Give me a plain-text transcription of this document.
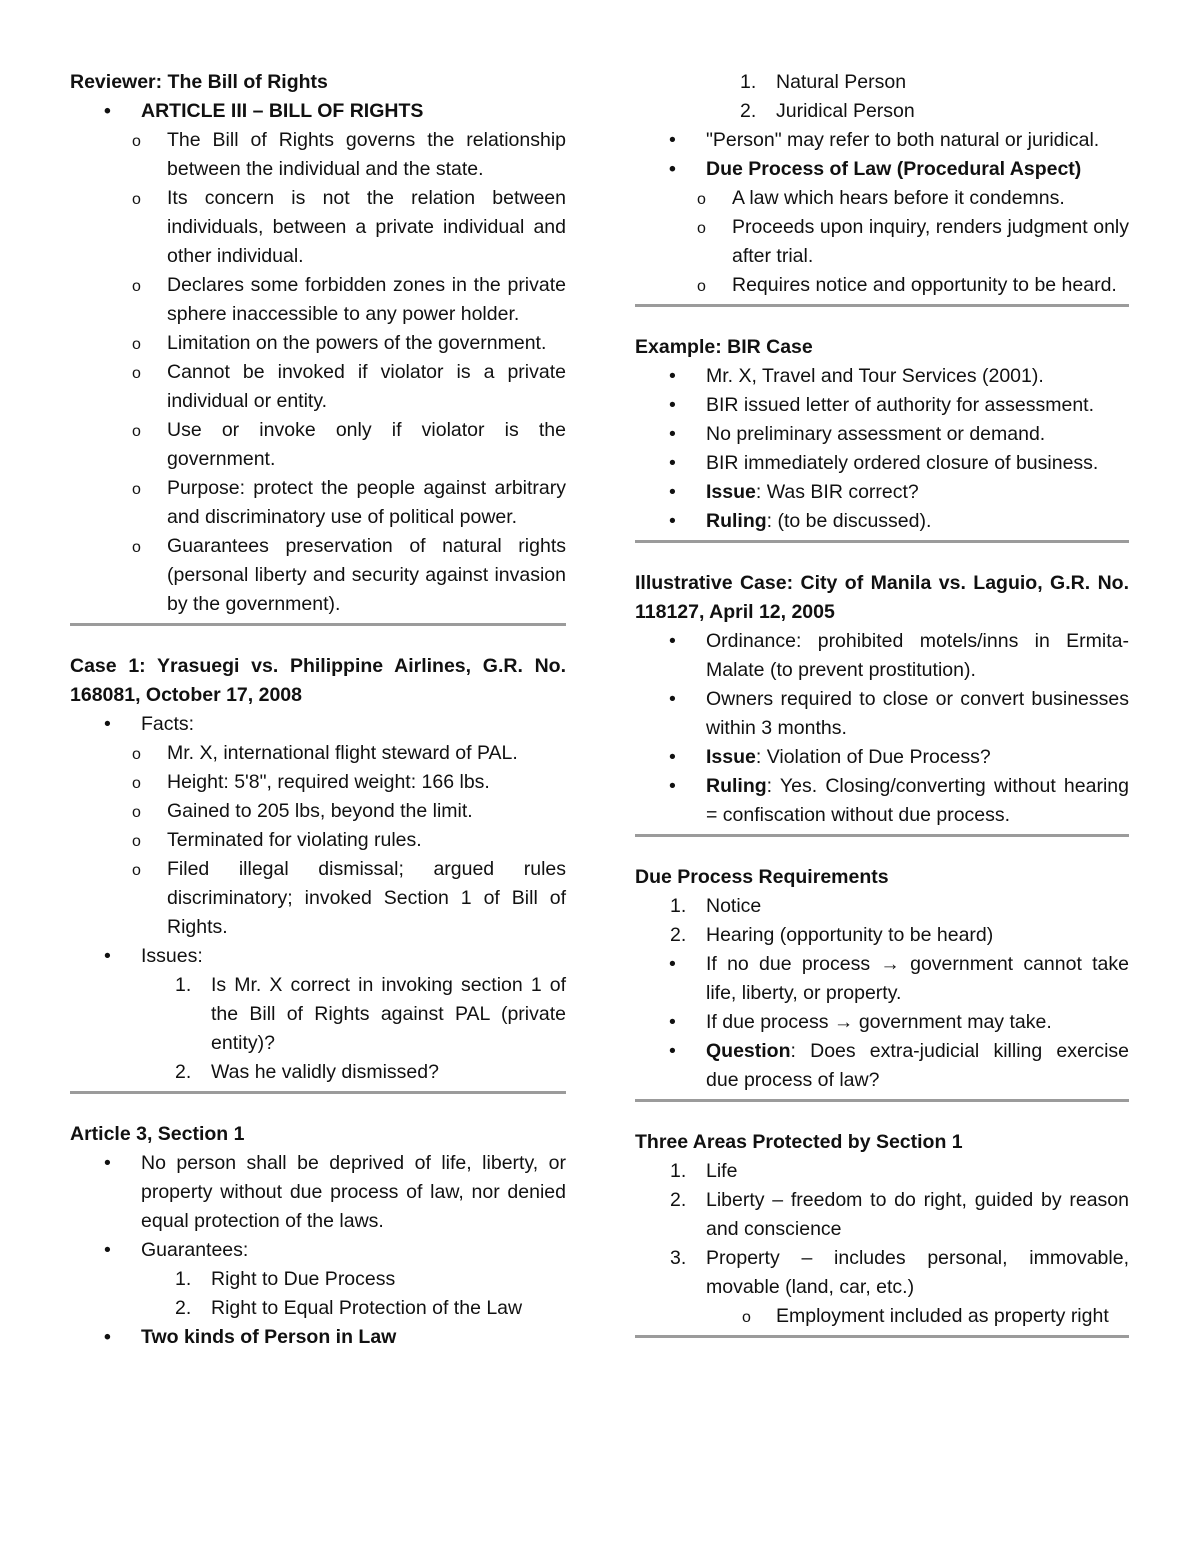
Reviewer: The Bill of Rights
• ARTICLE III – BILL OF RIGHTS
o The Bill of Rights governs the relationship between the individual and the state.
o Its concern is not the relation between individuals, between a private individual and other individual.
o Declares some forbidden zones in the private sphere inaccessible to any power holder.
o Limitation on the powers of the government.
o Cannot be invoked if violator is a private individual or entity.
o Use or invoke only if violator is the government.
o Purpose: protect the people against arbitrary and discriminatory use of political power.
o Guarantees preservation of natural rights (personal liberty and security against invasion by the government).
Case 1: Yrasuegi vs. Philippine Airlines, G.R. No. 168081, October 17, 2008
• Facts:
o Mr. X, international flight steward of PAL.
o Height: 5'8", required weight: 166 lbs.
o Gained to 205 lbs, beyond the limit.
o Terminated for violating rules.
o Filed illegal dismissal; argued rules discriminatory; invoked Section 1 of Bill of Rights.
• Issues:
1. Is Mr. X correct in invoking section 1 of the Bill of Rights against PAL (private entity)?
2. Was he validly dismissed?
Article 3, Section 1
• No person shall be deprived of life, liberty, or property without due process of law, nor denied equal protection of the laws.
• Guarantees:
1. Right to Due Process
2. Right to Equal Protection of the Law
• Two kinds of Person in Law
1. Natural Person
2. Juridical Person
• "Person" may refer to both natural or juridical.
• Due Process of Law (Procedural Aspect)
o A law which hears before it condemns.
o Proceeds upon inquiry, renders judgment only after trial.
o Requires notice and opportunity to be heard.
Example: BIR Case
• Mr. X, Travel and Tour Services (2001).
• BIR issued letter of authority for assessment.
• No preliminary assessment or demand.
• BIR immediately ordered closure of business.
• Issue: Was BIR correct?
• Ruling: (to be discussed).
Illustrative Case: City of Manila vs. Laguio, G.R. No. 118127, April 12, 2005
• Ordinance: prohibited motels/inns in Ermita-Malate (to prevent prostitution).
• Owners required to close or convert businesses within 3 months.
• Issue: Violation of Due Process?
• Ruling: Yes. Closing/converting without hearing = confiscation without due process.
Due Process Requirements
1. Notice
2. Hearing (opportunity to be heard)
• If no due process → government cannot take life, liberty, or property.
• If due process → government may take.
• Question: Does extra-judicial killing exercise due process of law?
Three Areas Protected by Section 1
1. Life
2. Liberty – freedom to do right, guided by reason and conscience
3. Property – includes personal, immovable, movable (land, car, etc.)
o Employment included as property right
